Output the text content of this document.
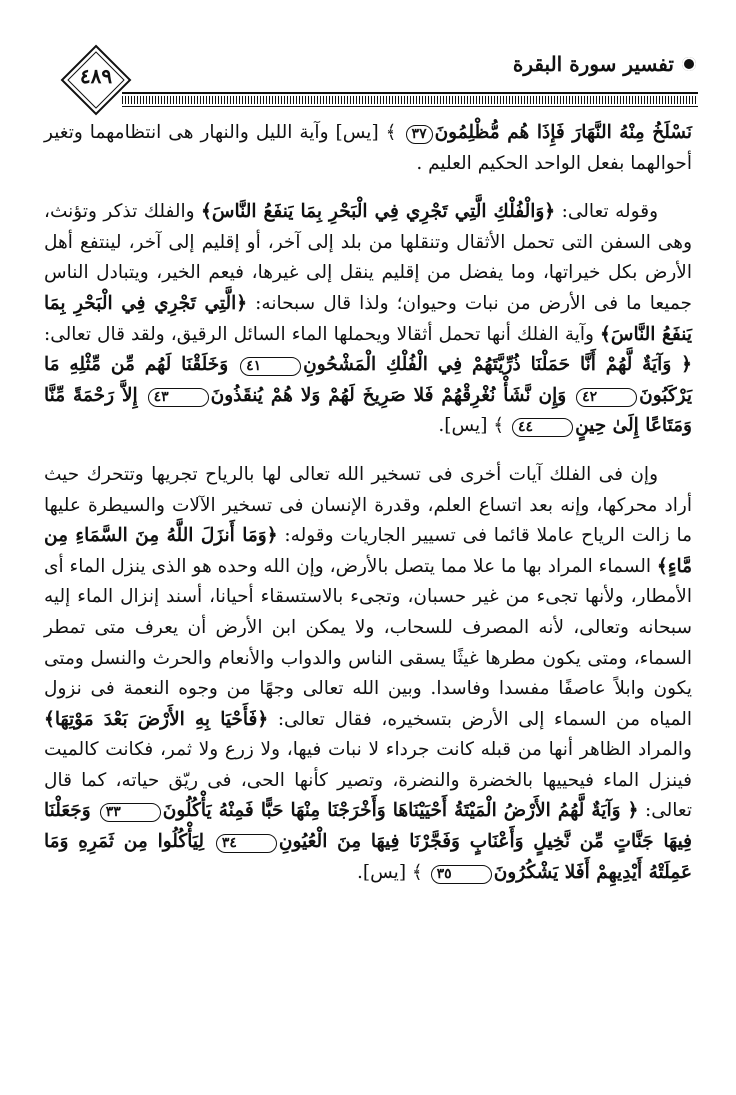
تفسير سورة البقرة
٤٨٩

نَسْلَخُ مِنْهُ النَّهَارَ فَإِذَا هُم مُّظْلِمُونَ٣٧ ﴾ [يس] وآية الليل والنهار هى انتظامهما وتغير أحوالهما بفعل الواحد الحكيم العليم .

وقوله تعالى: ﴿وَالْفُلْكِ الَّتِي تَجْرِي فِي الْبَحْرِ بِمَا يَنفَعُ النَّاسَ﴾ والفلك تذكر وتؤنث، وهى السفن التى تحمل الأثقال وتنقلها من بلد إلى آخر، أو إقليم إلى آخر، لينتفع أهل الأرض بكل خيراتها، وما يفضل من إقليم ينقل إلى غيرها، فيعم الخير، ويتبادل الناس جميعا ما فى الأرض من نبات وحيوان؛ ولذا قال سبحانه: ﴿الَّتِي تَجْرِي فِي الْبَحْرِ بِمَا يَنفَعُ النَّاسَ﴾ وآية الفلك أنها تحمل أثقالا ويحملها الماء السائل الرقيق، ولقد قال تعالى: ﴿ وَآيَةٌ لَّهُمْ أَنَّا حَمَلْنَا ذُرِّيَّتَهُمْ فِي الْفُلْكِ الْمَشْحُونِ٤١ وَخَلَقْنَا لَهُم مِّن مِّثْلِهِ مَا يَرْكَبُونَ٤٢ وَإِن نَّشَأْ نُغْرِقْهُمْ فَلا صَرِيخَ لَهُمْ وَلا هُمْ يُنقَذُونَ٤٣ إِلاَّ رَحْمَةً مِّنَّا وَمَتَاعًا إِلَىٰ حِينٍ٤٤ ﴾ [يس].

وإن فى الفلك آيات أخرى فى تسخير الله تعالى لها بالرياح تجريها وتتحرك حيث أراد محركها، وإنه بعد اتساع العلم، وقدرة الإنسان فى تسخير الآلات والسيطرة عليها ما زالت الرياح عاملا قائما فى تسيير الجاريات وقوله: ﴿وَمَا أَنزَلَ اللَّهُ مِنَ السَّمَاءِ مِن مَّاءٍ﴾ السماء المراد بها ما علا مما يتصل بالأرض، وإن الله وحده هو الذى ينزل الماء أى الأمطار، ولأنها تجىء من غير حسبان، وتجىء بالاستسقاء أحيانا، أسند إنزال الماء إليه سبحانه وتعالى، لأنه المصرف للسحاب، ولا يمكن ابن الأرض أن يعرف متى تمطر السماء، ومتى يكون مطرها غيثًا يسقى الناس والدواب والأنعام والحرث والنسل ومتى يكون وابلاً عاصفًا مفسدا وفاسدا. وبين الله تعالى وجهًا من وجوه النعمة فى نزول المياه من السماء إلى الأرض بتسخيره، فقال تعالى: ﴿فَأَحْيَا بِهِ الأَرْضَ بَعْدَ مَوْتِهَا﴾ والمراد الظاهر أنها من قبله كانت جرداء لا نبات فيها، ولا زرع ولا ثمر، فكانت كالميت فينزل الماء فيحييها بالخضرة والنضرة، وتصير كأنها الحى، فى ريّق حياته، كما قال تعالى: ﴿ وَآيَةٌ لَّهُمُ الأَرْضُ الْمَيْتَةُ أَحْيَيْنَاهَا وَأَخْرَجْنَا مِنْهَا حَبًّا فَمِنْهُ يَأْكُلُونَ٣٣ وَجَعَلْنَا فِيهَا جَنَّاتٍ مِّن نَّخِيلٍ وَأَعْنَابٍ وَفَجَّرْنَا فِيهَا مِنَ الْعُيُونِ٣٤ لِيَأْكُلُوا مِن ثَمَرِهِ وَمَا عَمِلَتْهُ أَيْدِيهِمْ أَفَلا يَشْكُرُونَ٣٥ ﴾ [يس].
